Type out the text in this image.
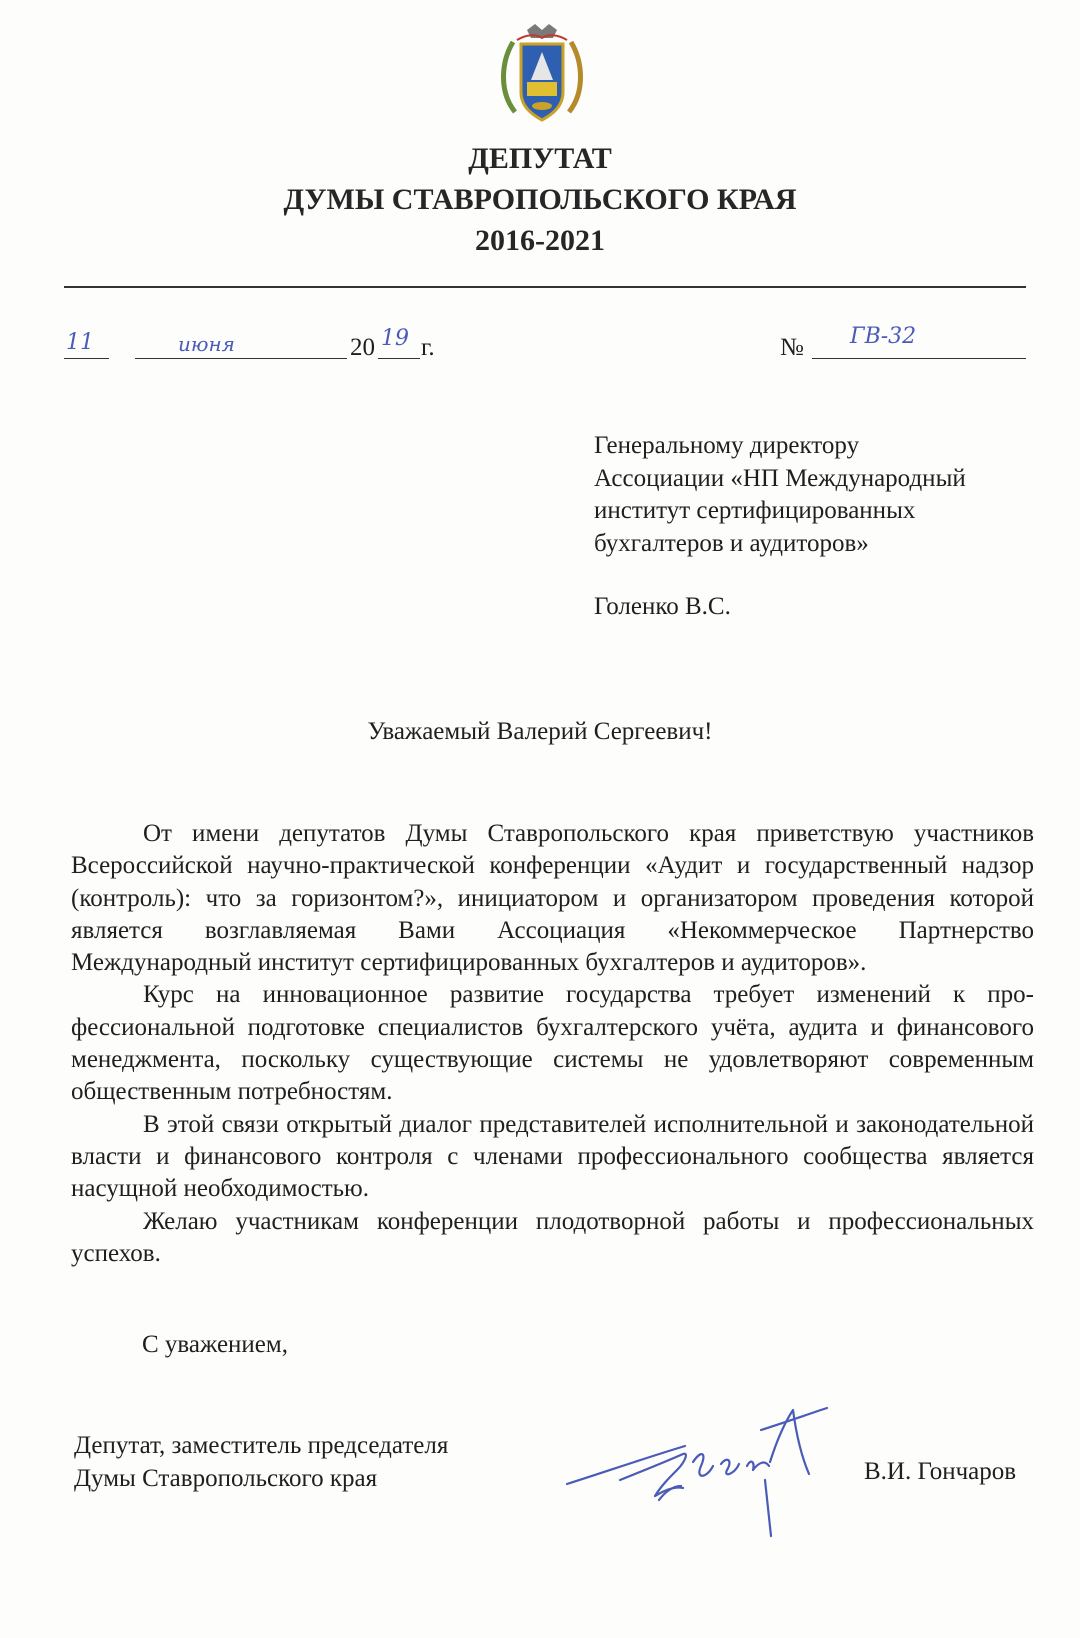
ДЕПУТАТ
ДУМЫ СТАВРОПОЛЬСКОГО КРАЯ
2016-2021
11	июня	20 19 г.	№ ГВ-32
Генеральному директору
Ассоциации «НП Международный
институт сертифицированных
бухгалтеров и аудиторов»
Голенко В.С.
Уважаемый Валерий Сергеевич!

От имени депутатов Думы Ставропольского края приветствую участников Всероссийской научно-практической конференции «Аудит и государственный надзор (контроль): что за горизонтом?», инициатором и организатором проведения которой является возглавляемая Вами Ассоциация «Некоммерческое Партнерство Международный институт сертифицированных бухгалтеров и аудиторов».

Курс на инновационное развитие государства требует изменений к профессиональной подготовке специалистов бухгалтерского учёта, аудита и финансового менеджмента, поскольку существующие системы не удовлетворяют современным общественным потребностям.

В этой связи открытый диалог представителей исполнительной и законодательной власти и финансового контроля с членами профессионального сообщества является насущной необходимостью.

Желаю участникам конференции плодотворной работы и профессиональных успехов.

С уважением,
Депутат, заместитель председателя
Думы Ставропольского края	В.И. Гончаров
